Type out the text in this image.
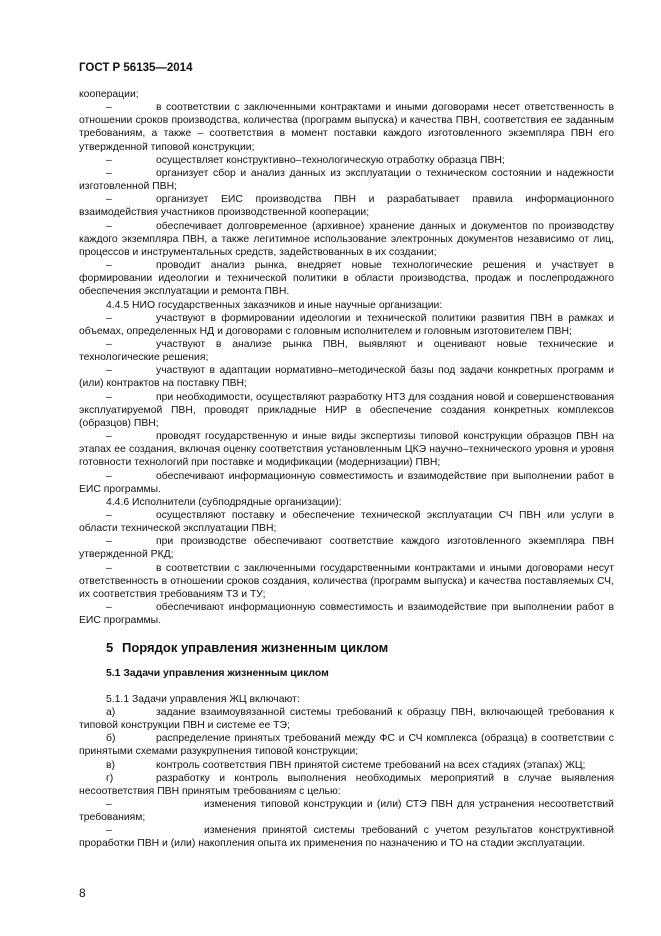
ГОСТ Р 56135—2014
кооперации;
–	в соответствии с заключенными контрактами и иными договорами несет ответственность в отношении сроков производства, количества (программ выпуска) и качества ПВН, соответствия ее заданным требованиям, а также – соответствия в момент поставки каждого изготовленного экземпляра ПВН его утвержденной типовой конструкции;
–	осуществляет конструктивно–технологическую отработку образца ПВН;
–	организует сбор и анализ данных из эксплуатации о техническом состоянии и надежности изготовленной ПВН;
–	организует ЕИС производства ПВН и разрабатывает правила информационного взаимодействия участников производственной кооперации;
–	обеспечивает долговременное (архивное) хранение данных и документов по производству каждого экземпляра ПВН, а также легитимное использование электронных документов независимо от лиц, процессов и инструментальных средств, задействованных в их создании;
–	проводит анализ рынка, внедряет новые технологические решения и участвует в формировании идеологии и технической политики в области производства, продаж и послепродажного обеспечения эксплуатации и ремонта ПВН.
4.4.5 НИО государственных заказчиков и иные научные организации:
–	участвуют в формировании идеологии и технической политики развития ПВН в рамках и объемах, определенных НД и договорами с головным исполнителем и головным изготовителем ПВН;
–	участвуют в анализе рынка ПВН, выявляют и оценивают новые технические и технологические решения;
–	участвуют в адаптации нормативно–методической базы под задачи конкретных программ и (или) контрактов на поставку ПВН;
–	при необходимости, осуществляют разработку НТЗ для создания новой и совершенствования эксплуатируемой ПВН, проводят прикладные НИР в обеспечение создания конкретных комплексов (образцов) ПВН;
–	проводят государственную и иные виды экспертизы типовой конструкции образцов ПВН на этапах ее создания, включая оценку соответствия установленным ЦКЭ научно–технического уровня и уровня готовности технологий при поставке и модификации (модернизации) ПВН;
–	обеспечивают информационную совместимость и взаимодействие при выполнении работ в ЕИС программы.
4.4.6 Исполнители (субподрядные организации):
–	осуществляют поставку и обеспечение технической эксплуатации СЧ ПВН или услуги в области технической эксплуатации ПВН;
–	при производстве обеспечивают соответствие каждого изготовленного экземпляра ПВН утвержденной РКД;
–	в соответствии с заключенными государственными контрактами и иными договорами несут ответственность в отношении сроков создания, количества (программ выпуска) и качества поставляемых СЧ, их соответствия требованиям ТЗ и ТУ;
–	обеспечивают информационную совместимость и взаимодействие при выполнении работ в ЕИС программы.
5 Порядок управления жизненным циклом
5.1 Задачи управления жизненным циклом
5.1.1 Задачи управления ЖЦ включают:
а)	задание взаимоувязанной системы требований к образцу ПВН, включающей требования к типовой конструкции ПВН и системе ее ТЭ;
б)	распределение принятых требований между ФС и СЧ комплекса (образца) в соответствии с принятыми схемами разукрупнения типовой конструкции;
в)	контроль соответствия ПВН принятой системе требований на всех стадиях (этапах) ЖЦ;
г)	разработку и контроль выполнения необходимых мероприятий в случае выявления несоответствия ПВН принятым требованиям с целью:
–	изменения типовой конструкции и (или) СТЭ ПВН для устранения несоответствий требованиям;
–	изменения принятой системы требований с учетом результатов конструктивной проработки ПВН и (или) накопления опыта их применения по назначению и ТО на стадии эксплуатации.
8
